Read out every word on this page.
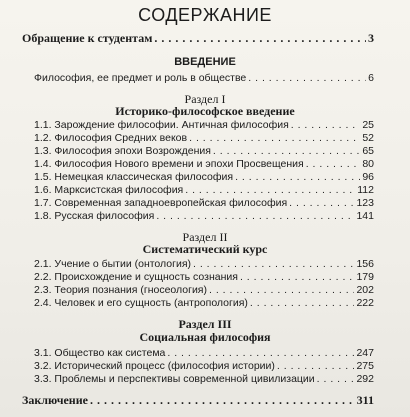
СОДЕРЖАНИЕ
Обращение к студентам . . .	3
ВВЕДЕНИЕ
Философия, ее предмет и роль в обществе . . .	6
Раздел I
Историко-философское введение
1.1. Зарождение философии. Античная философия . . .	25
1.2. Философия Средних веков . . .	52
1.3. Философия эпохи Возрождения . . .	65
1.4. Философия Нового времени и эпохи Просвещения . . .	80
1.5. Немецкая классическая философия . . .	96
1.6. Марксистская философия . . .	112
1.7. Современная западноевропейская философия . . .	123
1.8. Русская философия . . .	141
Раздел II
Систематический курс
2.1. Учение о бытии (онтология) . . .	156
2.2. Происхождение и сущность сознания . . .	179
2.3. Теория познания (гносеология) . . .	202
2.4. Человек и его сущность (антропология) . . .	222
Раздел III
Социальная философия
3.1. Общество как система . . .	247
3.2. Исторический процесс (философия истории) . . .	275
3.3. Проблемы и перспективы современной цивилизации . . .	292
Заключение . . .	311
